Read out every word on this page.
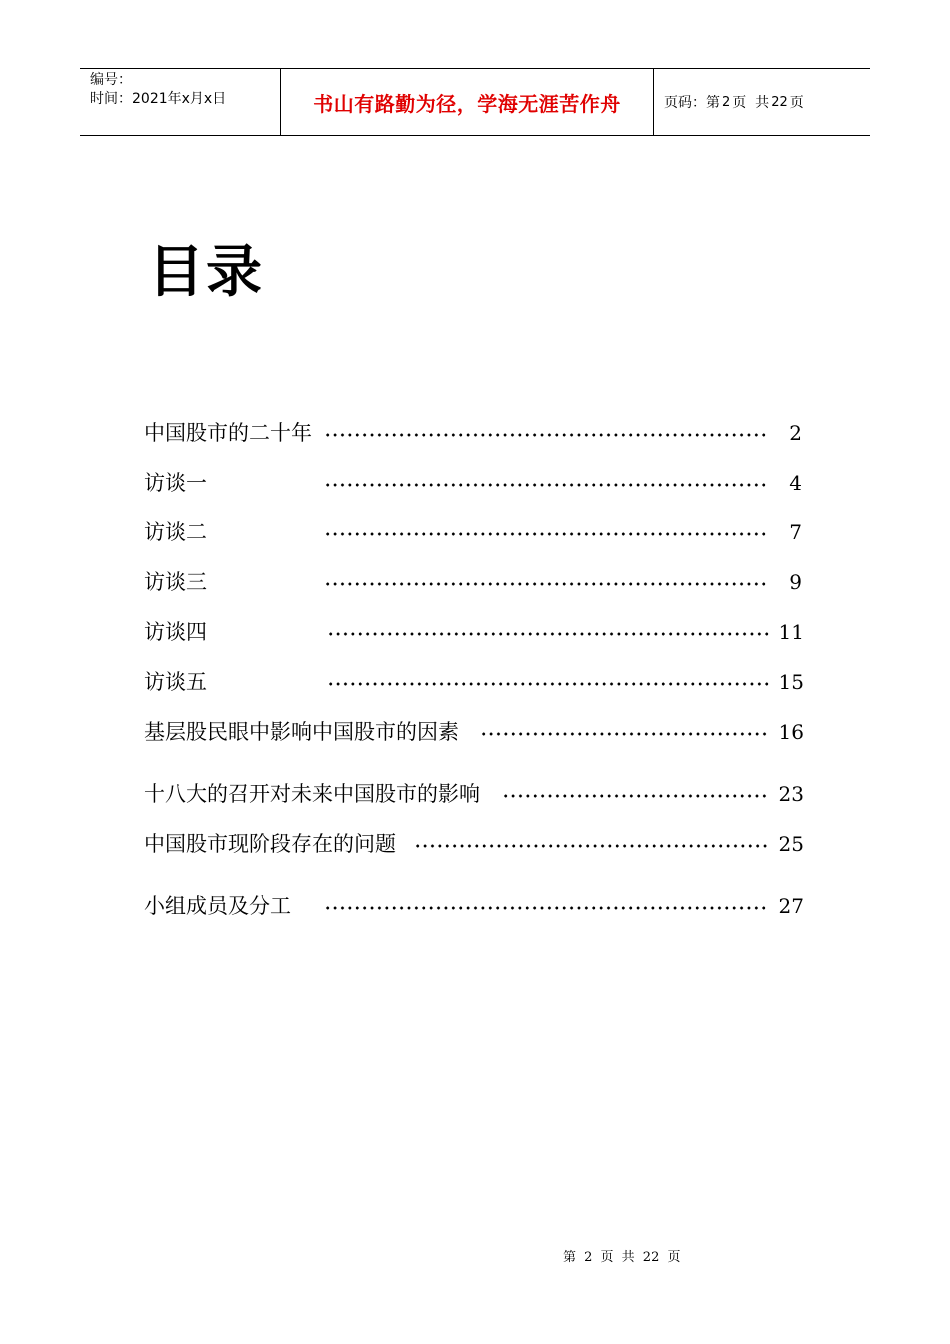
编号：
时间：2021年x月x日	书山有路勤为径，学海无涯苦作舟	页码：第 2 页  共 22 页
目录
中国股市的二十年	2
访谈一	4
访谈二	7
访谈三	9
访谈四	11
访谈五	15
基层股民眼中影响中国股市的因素	16
十八大的召开对未来中国股市的影响	23
中国股市现阶段存在的问题	25
小组成员及分工	27
第 2 页 共 22 页
